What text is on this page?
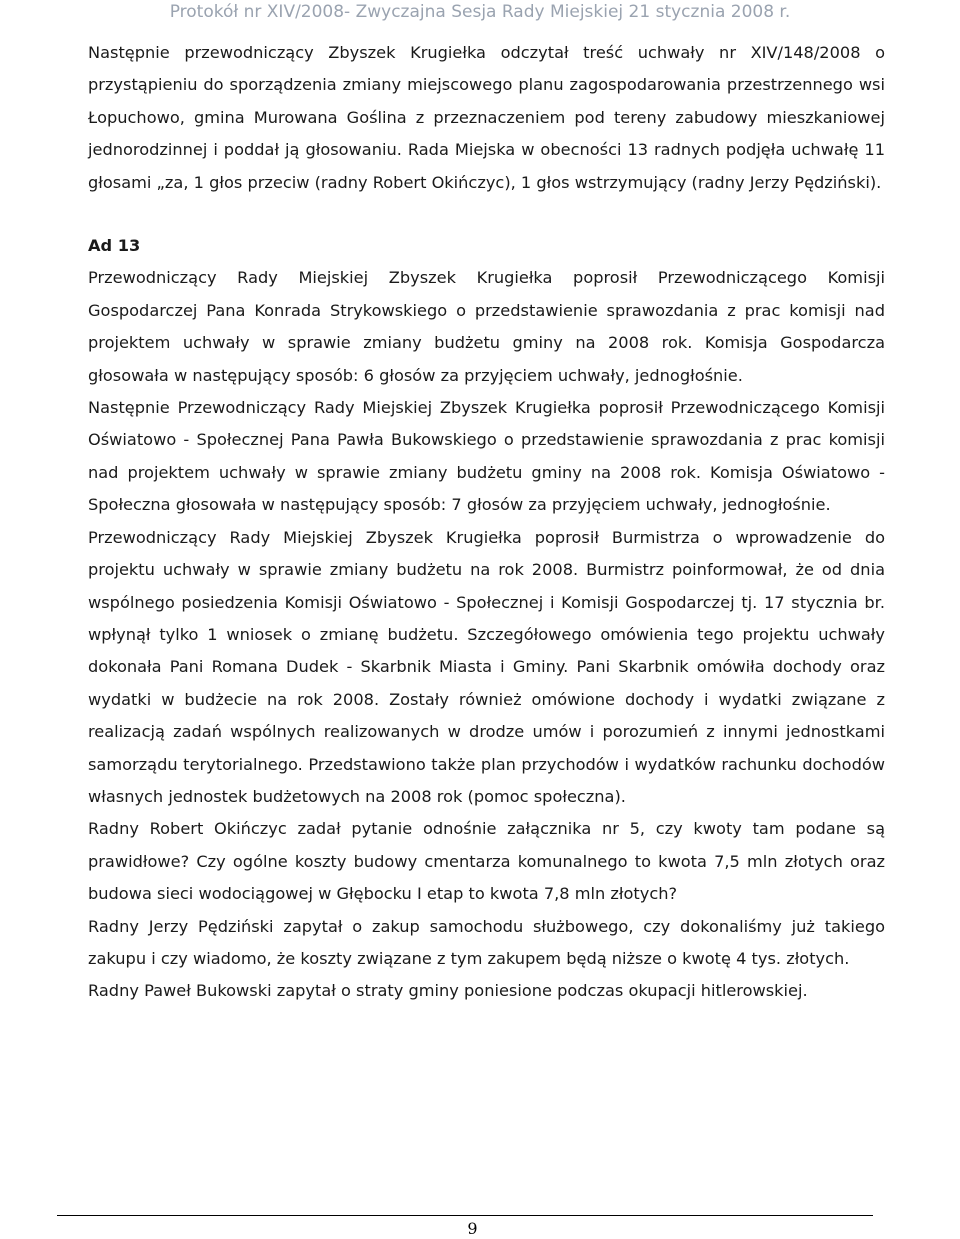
Protokół nr XIV/2008- Zwyczajna Sesja Rady Miejskiej 21 stycznia 2008 r.

Następnie przewodniczący Zbyszek Krugiełka odczytał treść uchwały nr XIV/148/2008 o przystąpieniu do sporządzenia zmiany miejscowego planu zagospodarowania przestrzennego wsi Łopuchowo, gmina Murowana Goślina z przeznaczeniem pod tereny zabudowy mieszkaniowej jednorodzinnej i poddał ją głosowaniu. Rada Miejska w obecności 13 radnych podjęła uchwałę 11 głosami „za, 1 głos przeciw (radny Robert Okińczyc), 1 głos wstrzymujący (radny Jerzy Pędziński).

Ad 13

Przewodniczący Rady Miejskiej Zbyszek Krugiełka poprosił Przewodniczącego Komisji Gospodarczej Pana Konrada Strykowskiego o przedstawienie sprawozdania z prac komisji nad projektem uchwały w sprawie zmiany budżetu gminy na 2008 rok. Komisja Gospodarcza głosowała w następujący sposób: 6 głosów za przyjęciem uchwały, jednogłośnie.

Następnie Przewodniczący Rady Miejskiej Zbyszek Krugiełka poprosił Przewodniczącego Komisji Oświatowo - Społecznej Pana Pawła Bukowskiego o przedstawienie sprawozdania z prac komisji nad projektem uchwały w sprawie zmiany budżetu gminy na 2008 rok. Komisja Oświatowo - Społeczna głosowała w następujący sposób: 7 głosów za przyjęciem uchwały, jednogłośnie.

Przewodniczący Rady Miejskiej Zbyszek Krugiełka poprosił Burmistrza o wprowadzenie do projektu uchwały w sprawie zmiany budżetu na rok 2008. Burmistrz poinformował, że od dnia wspólnego posiedzenia Komisji Oświatowo - Społecznej i Komisji Gospodarczej tj. 17 stycznia br. wpłynął tylko 1 wniosek o zmianę budżetu. Szczegółowego omówienia tego projektu uchwały dokonała Pani Romana Dudek - Skarbnik Miasta i Gminy. Pani Skarbnik omówiła dochody oraz wydatki w budżecie na rok 2008. Zostały również omówione dochody i wydatki związane z realizacją zadań wspólnych realizowanych w drodze umów i porozumień z innymi jednostkami samorządu terytorialnego. Przedstawiono także plan przychodów i wydatków rachunku dochodów własnych jednostek budżetowych na 2008 rok (pomoc społeczna).

Radny Robert Okińczyc zadał pytanie odnośnie załącznika nr 5, czy kwoty tam podane są prawidłowe? Czy ogólne koszty budowy cmentarza komunalnego to kwota 7,5 mln złotych oraz budowa sieci wodociągowej w Głębocku I etap to kwota 7,8 mln złotych?

Radny Jerzy Pędziński zapytał o zakup samochodu służbowego, czy dokonaliśmy już takiego zakupu i czy wiadomo, że koszty związane z tym zakupem będą niższe o kwotę 4 tys. złotych.

Radny Paweł Bukowski zapytał o straty gminy poniesione podczas okupacji hitlerowskiej.

9
